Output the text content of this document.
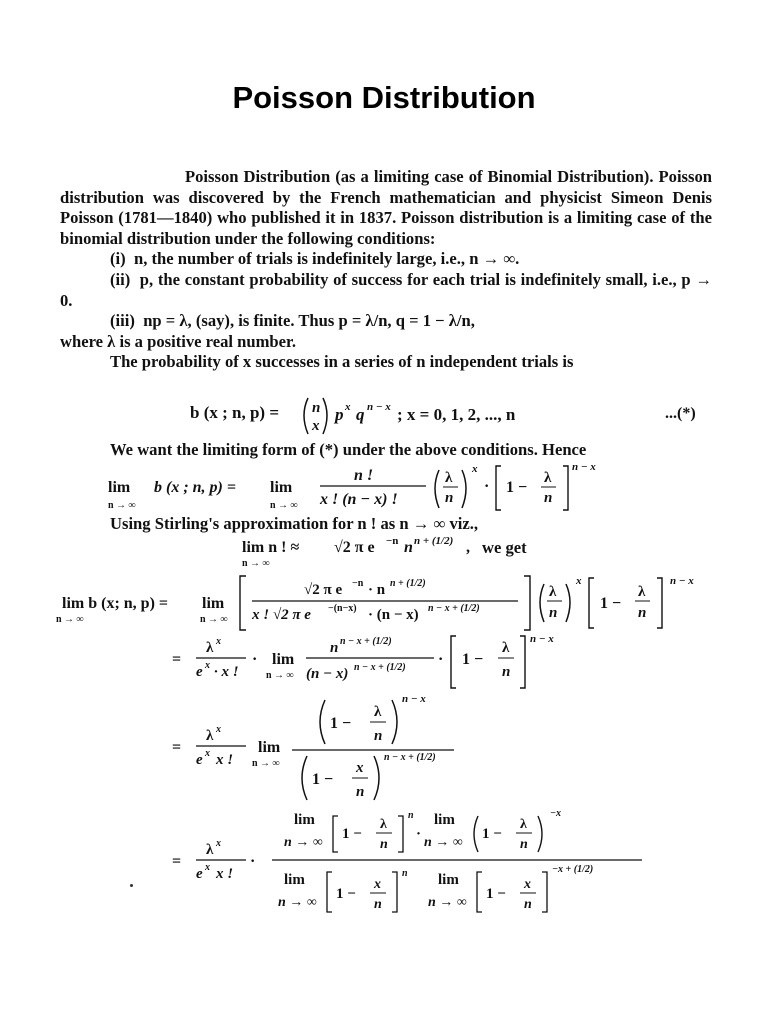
Poisson Distribution

Poisson Distribution (as a limiting case of Binomial Distribution). Poisson distribution was discovered by the French mathematician and physicist Simeon Denis Poisson (1781—1840) who published it in 1837. Poisson distribution is a limiting case of the binomial distribution under the following conditions:

(i) n, the number of trials is indefinitely large, i.e., n → ∞.

(ii) p, the constant probability of success for each trial is indefinitely small, i.e., p → 0.

(iii) np = λ, (say), is finite. Thus p = λ/n, q = 1 − λ/n,

where λ is a positive real number.

The probability of x successes in a series of n independent trials is

b (x ; n, p) = n
x
p x q n − x ; x = 0, 1, 2, ..., n	...(*)
We want the limiting form of (*) under the above conditions. Hence
lim
n → ∞
b (x ; n, p) = lim
n → ∞
n !
x ! (n − x) !
λ
n
x
· 1 −
λ
n
n − x
Using Stirling's approximation for n ! as n → ∞ viz.,
lim n ! ≈
n → ∞
√2 π e −n n n + (1/2) , we get
lim b (x; n, p) =
n → ∞
lim
n → ∞
√2 π e −n · n n + (1/2)
x ! √2 π e −(n−x) · (n − x) n − x + (1/2)
λ
n
x
1 −
λ
n
n − x
=
λ x
e x · x !
· lim
n → ∞
n n − x + (1/2)
(n − x) n − x + (1/2) · 1 −
λ
n
n − x
=
λ x
e x x !
lim
n → ∞
1 −
λ
n
n − x
1 −
x
n
n − x + (1/2)
=
λ x
e x x !
·
lim
n → ∞
1 −
λ
n
n
·
lim
n → ∞
1 −
λ
n
−x
lim
n → ∞
1 −
x
n
n lim
n → ∞
1 −
x
n
−x + (1/2)
